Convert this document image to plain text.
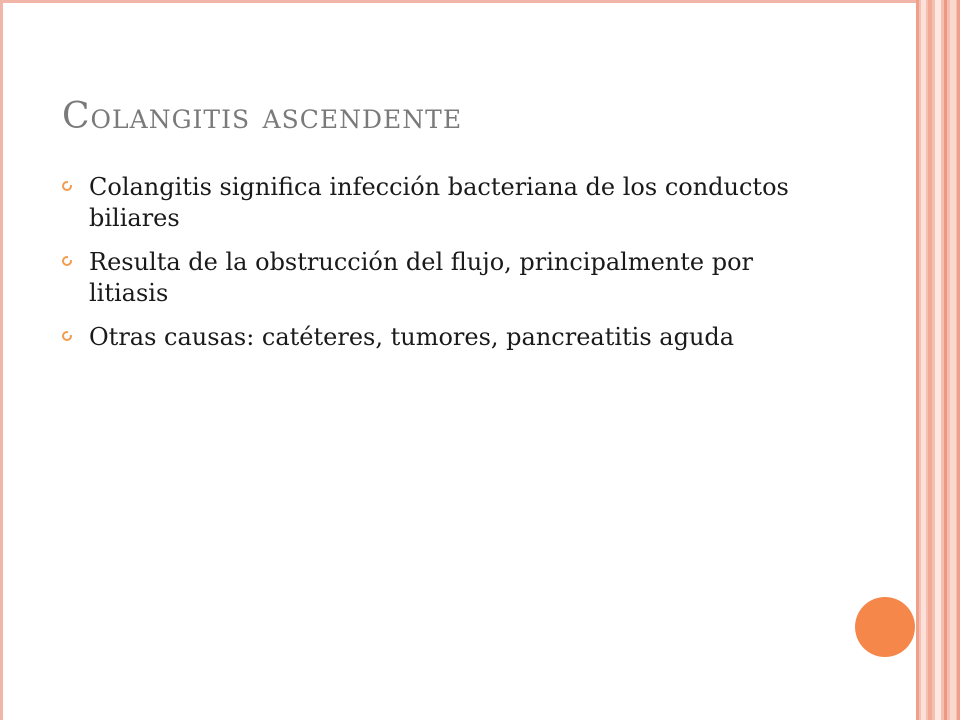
Colangitis ascendente
Colangitis significa infección bacteriana de los conductos biliares
Resulta de la obstrucción del flujo, principalmente por litiasis
Otras causas: catéteres, tumores, pancreatitis aguda
